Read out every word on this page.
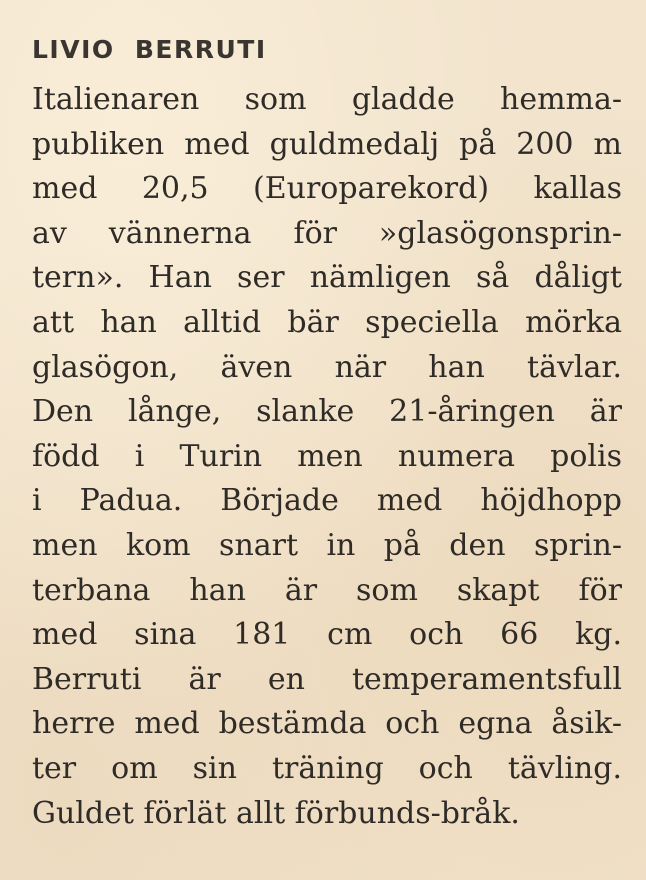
LIVIO BERRUTI
Italienaren som gladde hemma-
publiken med guldmedalj på 200 m
med 20,5 (Europarekord) kallas
av vännerna för »glasögonsprin-
tern». Han ser nämligen så dåligt
att han alltid bär speciella mörka
glasögon, även när han tävlar.
Den långe, slanke 21-åringen är
född i Turin men numera polis
i Padua. Började med höjdhopp
men kom snart in på den sprin-
terbana han är som skapt för
med sina 181 cm och 66 kg.
Berruti är en temperamentsfull
herre med bestämda och egna åsik-
ter om sin träning och tävling.
Guldet förlät allt förbunds-bråk.
